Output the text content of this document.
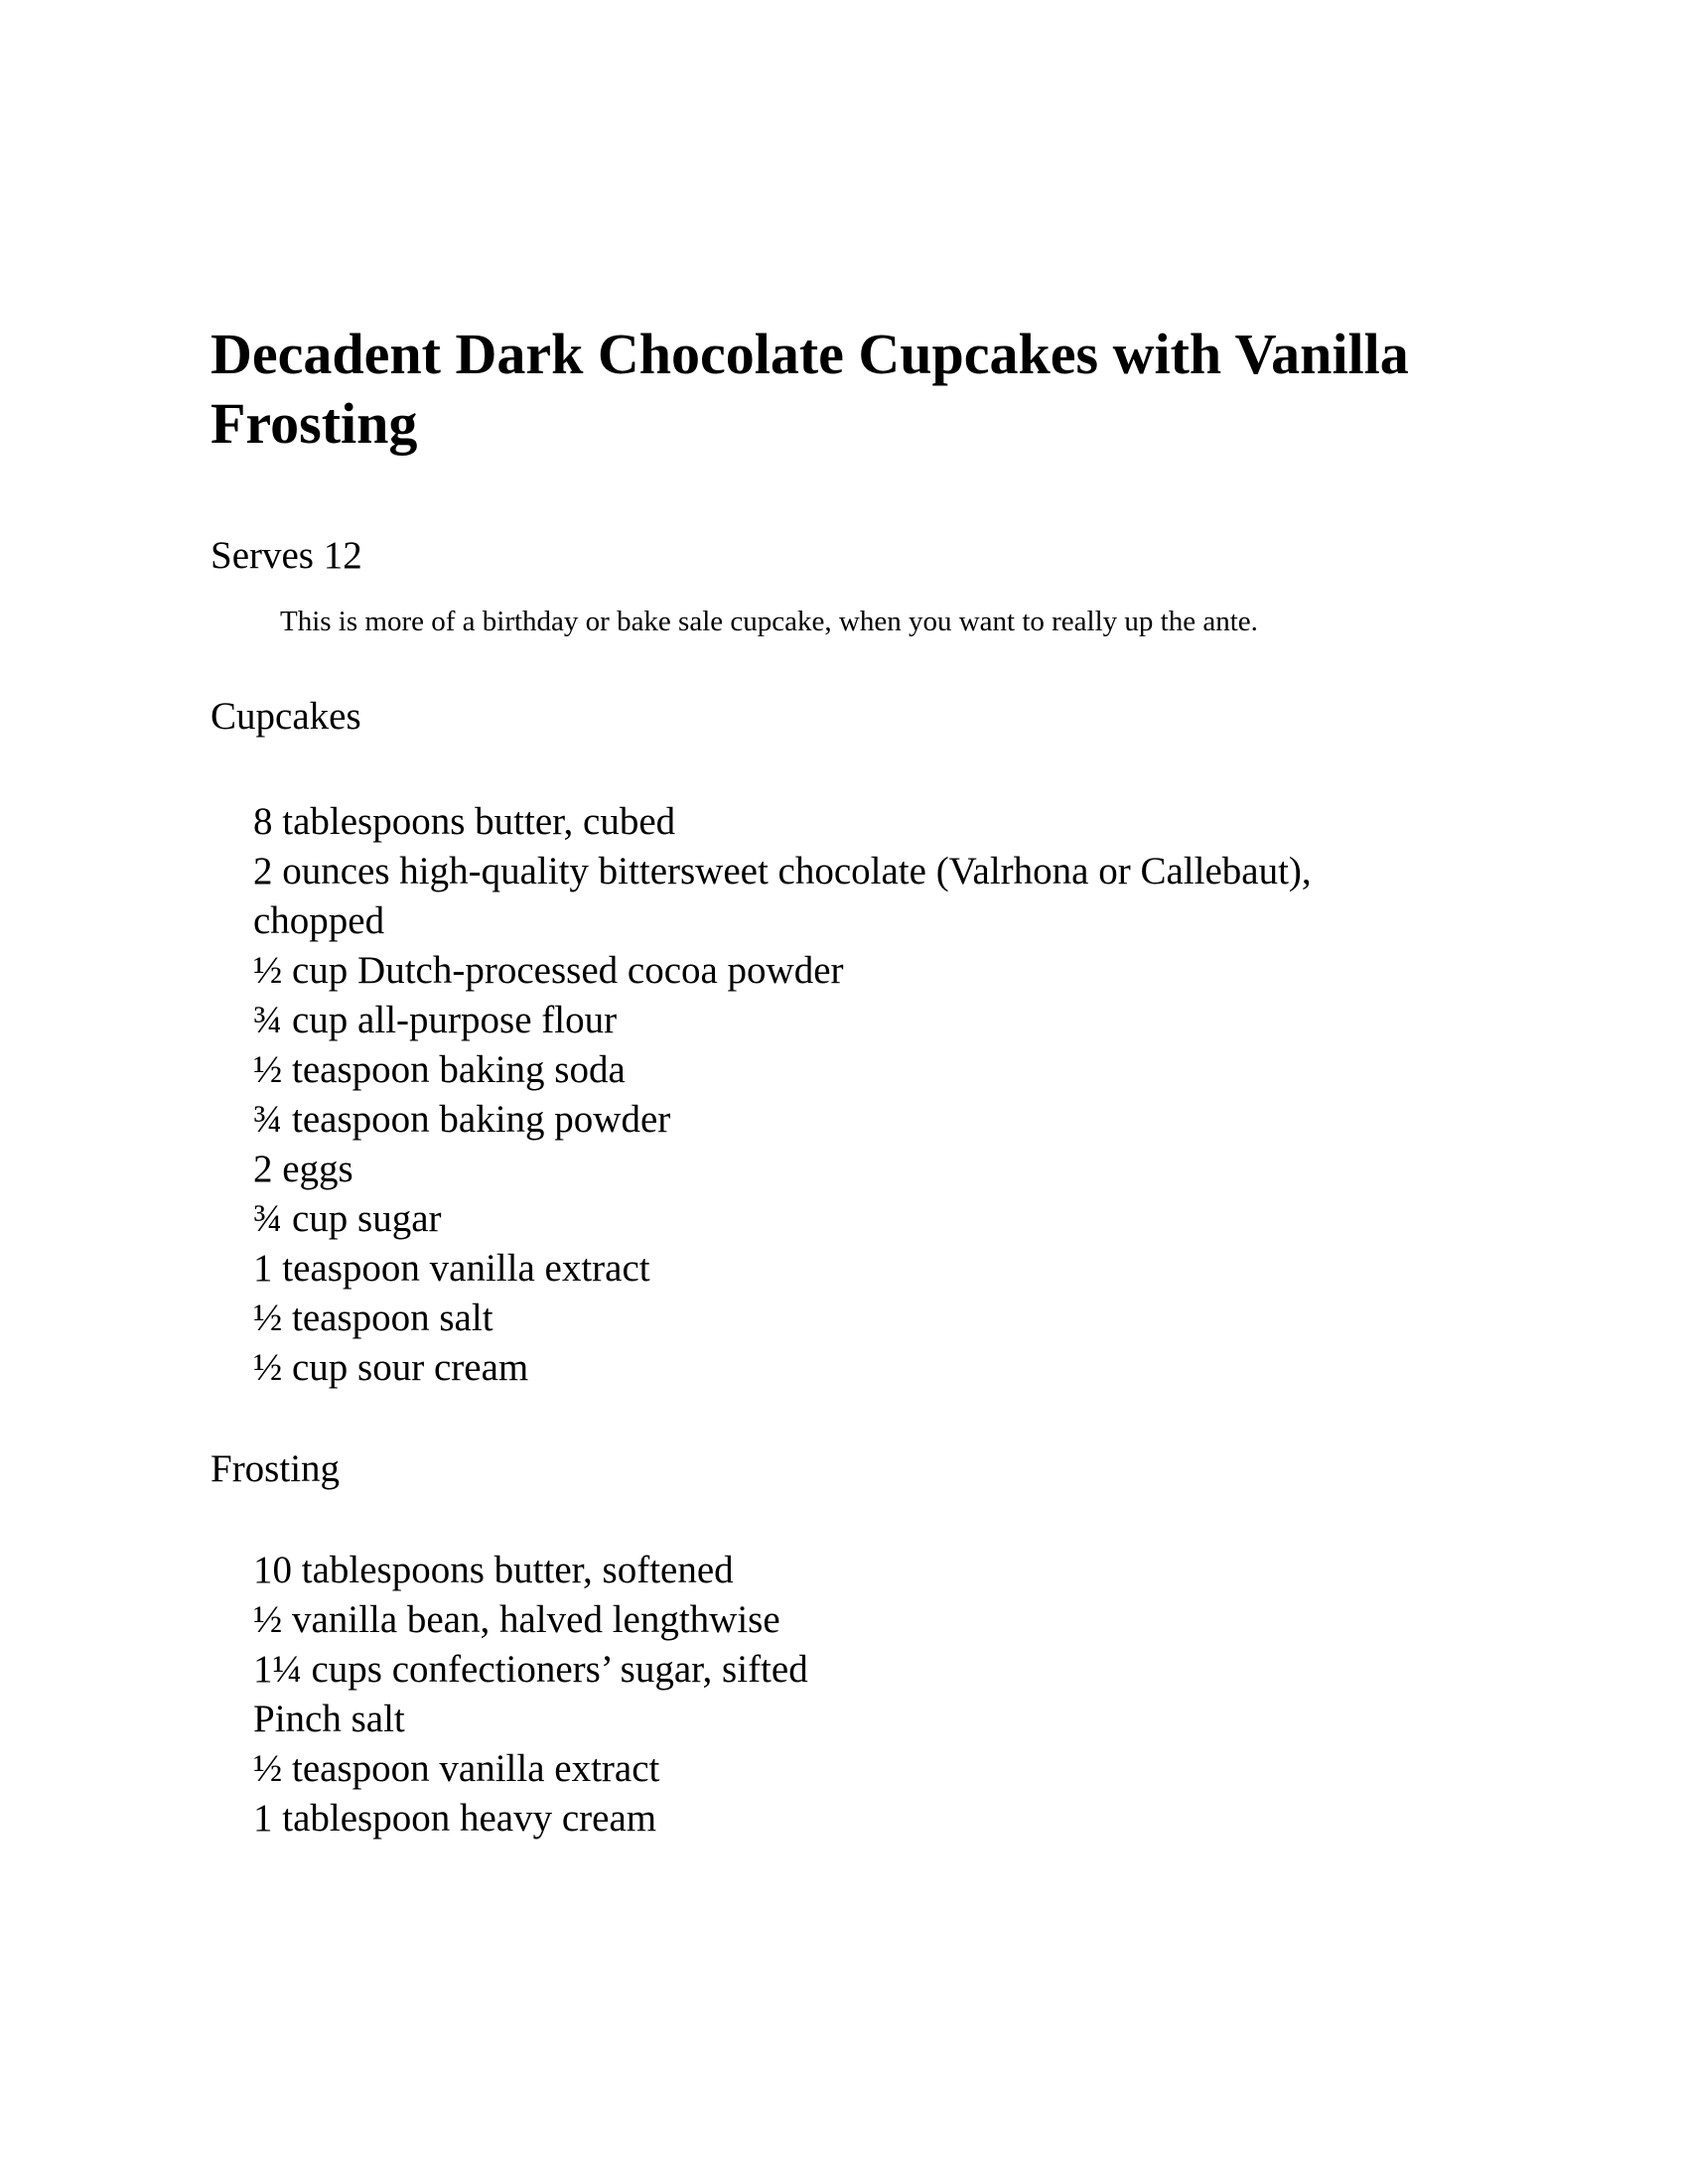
Decadent Dark Chocolate Cupcakes with Vanilla Frosting

Serves 12

This is more of a birthday or bake sale cupcake, when you want to really up the ante.

Cupcakes
8 tablespoons butter, cubed
2 ounces high-quality bittersweet chocolate (Valrhona or Callebaut), chopped
½ cup Dutch-processed cocoa powder
¾ cup all-purpose flour
½ teaspoon baking soda
¾ teaspoon baking powder
2 eggs
¾ cup sugar
1 teaspoon vanilla extract
½ teaspoon salt
½ cup sour cream
Frosting
10 tablespoons butter, softened
½ vanilla bean, halved lengthwise
1¼ cups confectioners’ sugar, sifted
Pinch salt
½ teaspoon vanilla extract
1 tablespoon heavy cream
